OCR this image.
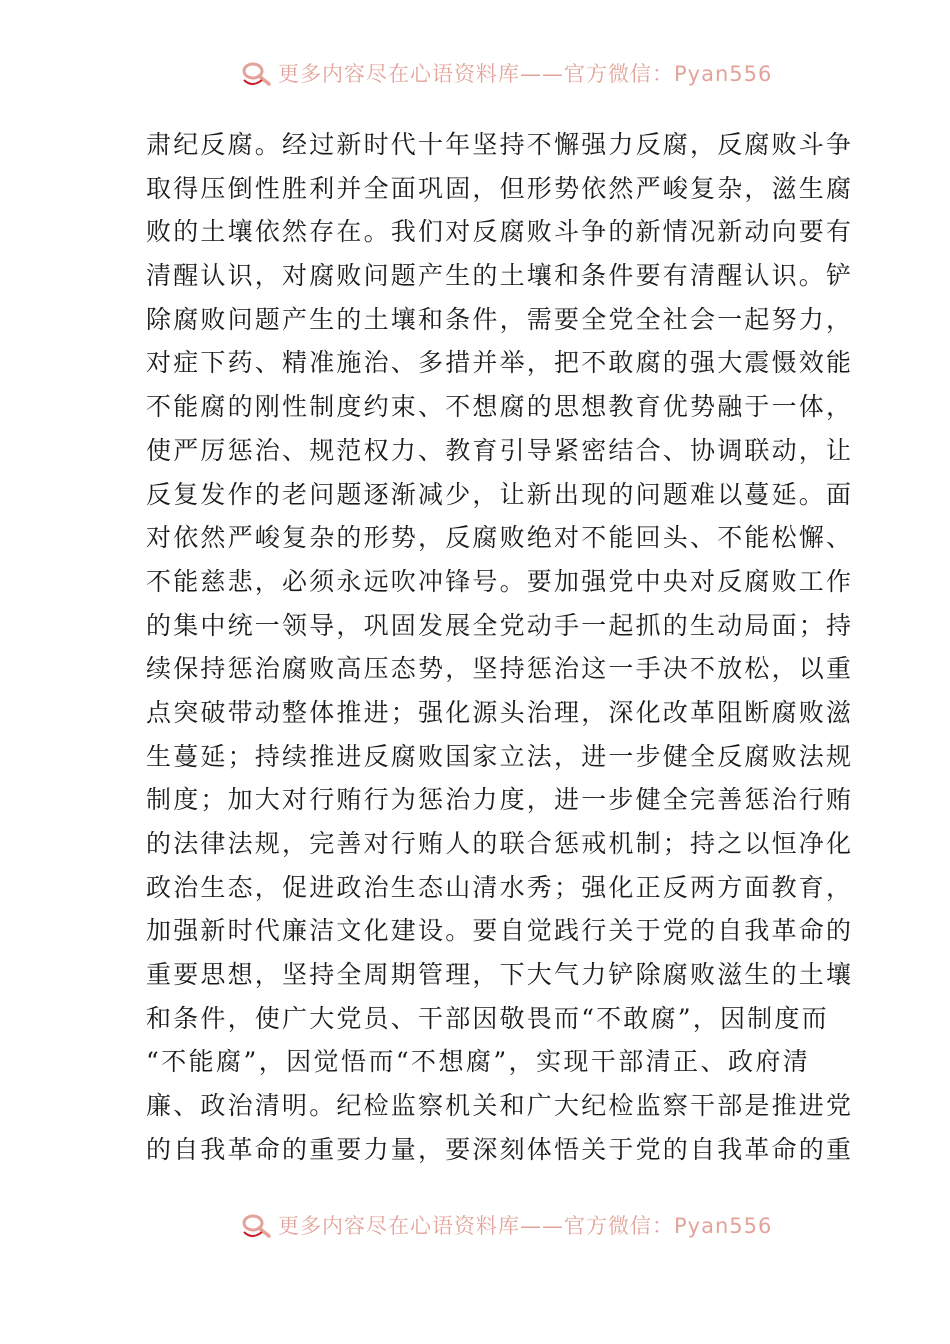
更多内容尽在心语资料库——官方微信：Pyan556
肃纪反腐。经过新时代十年坚持不懈强力反腐，反腐败斗争
取得压倒性胜利并全面巩固，但形势依然严峻复杂，滋生腐
败的土壤依然存在。我们对反腐败斗争的新情况新动向要有
清醒认识，对腐败问题产生的土壤和条件要有清醒认识。铲
除腐败问题产生的土壤和条件，需要全党全社会一起努力，
对症下药、精准施治、多措并举，把不敢腐的强大震慑效能
不能腐的刚性制度约束、不想腐的思想教育优势融于一体，
使严厉惩治、规范权力、教育引导紧密结合、协调联动，让
反复发作的老问题逐渐减少，让新出现的问题难以蔓延。面
对依然严峻复杂的形势，反腐败绝对不能回头、不能松懈、
不能慈悲，必须永远吹冲锋号。要加强党中央对反腐败工作
的集中统一领导，巩固发展全党动手一起抓的生动局面；持
续保持惩治腐败高压态势，坚持惩治这一手决不放松，以重
点突破带动整体推进；强化源头治理，深化改革阻断腐败滋
生蔓延；持续推进反腐败国家立法，进一步健全反腐败法规
制度；加大对行贿行为惩治力度，进一步健全完善惩治行贿
的法律法规，完善对行贿人的联合惩戒机制；持之以恒净化
政治生态，促进政治生态山清水秀；强化正反两方面教育，
加强新时代廉洁文化建设。要自觉践行关于党的自我革命的
重要思想，坚持全周期管理，下大气力铲除腐败滋生的土壤
和条件，使广大党员、干部因敬畏而“不敢腐”，因制度而
“不能腐”，因觉悟而“不想腐”，实现干部清正、政府清
廉、政治清明。纪检监察机关和广大纪检监察干部是推进党
的自我革命的重要力量，要深刻体悟关于党的自我革命的重
更多内容尽在心语资料库——官方微信：Pyan556
